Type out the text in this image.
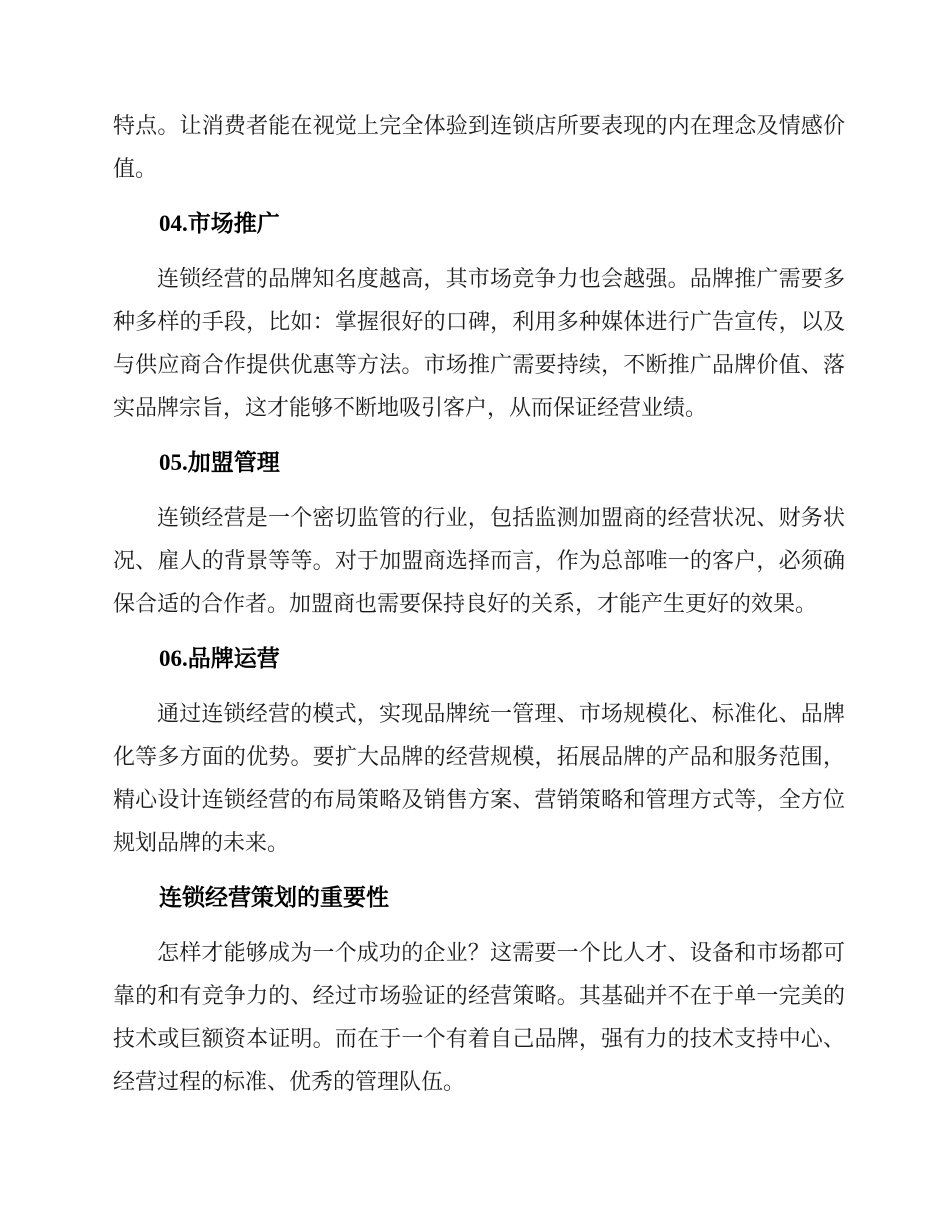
特点。让消费者能在视觉上完全体验到连锁店所要表现的内在理念及情感价
值。
04.市场推广
连锁经营的品牌知名度越高，其市场竞争力也会越强。品牌推广需要多
种多样的手段，比如：掌握很好的口碑，利用多种媒体进行广告宣传，以及
与供应商合作提供优惠等方法。市场推广需要持续，不断推广品牌价值、落
实品牌宗旨，这才能够不断地吸引客户，从而保证经营业绩。
05.加盟管理
连锁经营是一个密切监管的行业，包括监测加盟商的经营状况、财务状
况、雇人的背景等等。对于加盟商选择而言，作为总部唯一的客户，必须确
保合适的合作者。加盟商也需要保持良好的关系，才能产生更好的效果。
06.品牌运营
通过连锁经营的模式，实现品牌统一管理、市场规模化、标准化、品牌
化等多方面的优势。要扩大品牌的经营规模，拓展品牌的产品和服务范围，
精心设计连锁经营的布局策略及销售方案、营销策略和管理方式等，全方位
规划品牌的未来。
连锁经营策划的重要性
怎样才能够成为一个成功的企业？这需要一个比人才、设备和市场都可
靠的和有竞争力的、经过市场验证的经营策略。其基础并不在于单一完美的
技术或巨额资本证明。而在于一个有着自己品牌，强有力的技术支持中心、
经营过程的标准、优秀的管理队伍。
